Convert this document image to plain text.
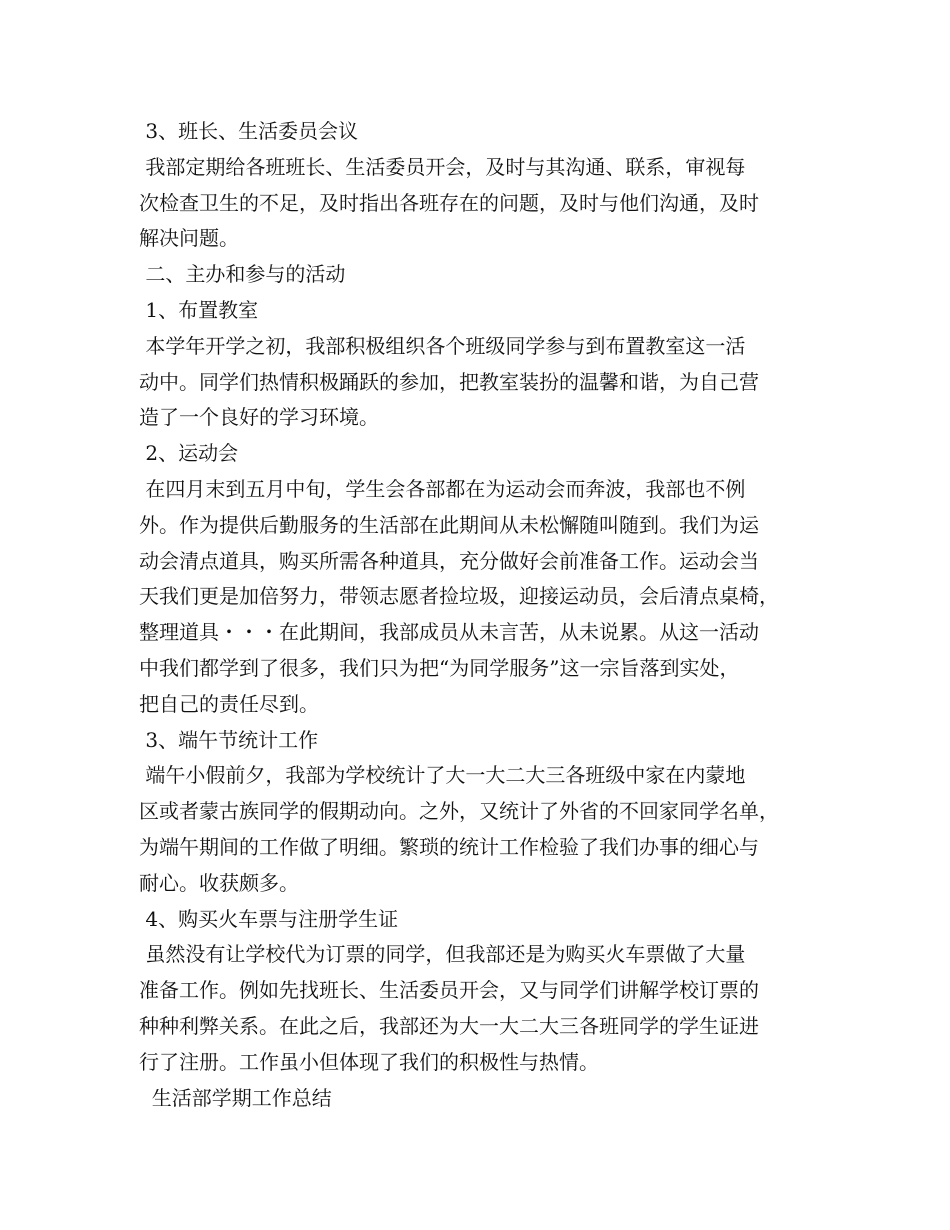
3、班长、生活委员会议

我部定期给各班班长、生活委员开会，及时与其沟通、联系，审视每

次检查卫生的不足，及时指出各班存在的问题，及时与他们沟通，及时

解决问题。

二、主办和参与的活动

1、布置教室

本学年开学之初，我部积极组织各个班级同学参与到布置教室这一活

动中。同学们热情积极踊跃的参加，把教室装扮的温馨和谐，为自己营

造了一个良好的学习环境。

2、运动会

在四月末到五月中旬，学生会各部都在为运动会而奔波，我部也不例

外。作为提供后勤服务的生活部在此期间从未松懈随叫随到。我们为运

动会清点道具，购买所需各种道具，充分做好会前准备工作。运动会当

天我们更是加倍努力，带领志愿者捡垃圾，迎接运动员，会后清点桌椅，

整理道具・・・在此期间，我部成员从未言苦，从未说累。从这一活动

中我们都学到了很多，我们只为把“为同学服务”这一宗旨落到实处，

把自己的责任尽到。

3、端午节统计工作

端午小假前夕，我部为学校统计了大一大二大三各班级中家在内蒙地

区或者蒙古族同学的假期动向。之外，又统计了外省的不回家同学名单，

为端午期间的工作做了明细。繁琐的统计工作检验了我们办事的细心与

耐心。收获颇多。

4、购买火车票与注册学生证

虽然没有让学校代为订票的同学，但我部还是为购买火车票做了大量

准备工作。例如先找班长、生活委员开会，又与同学们讲解学校订票的

种种利弊关系。在此之后，我部还为大一大二大三各班同学的学生证进

行了注册。工作虽小但体现了我们的积极性与热情。

生活部学期工作总结
